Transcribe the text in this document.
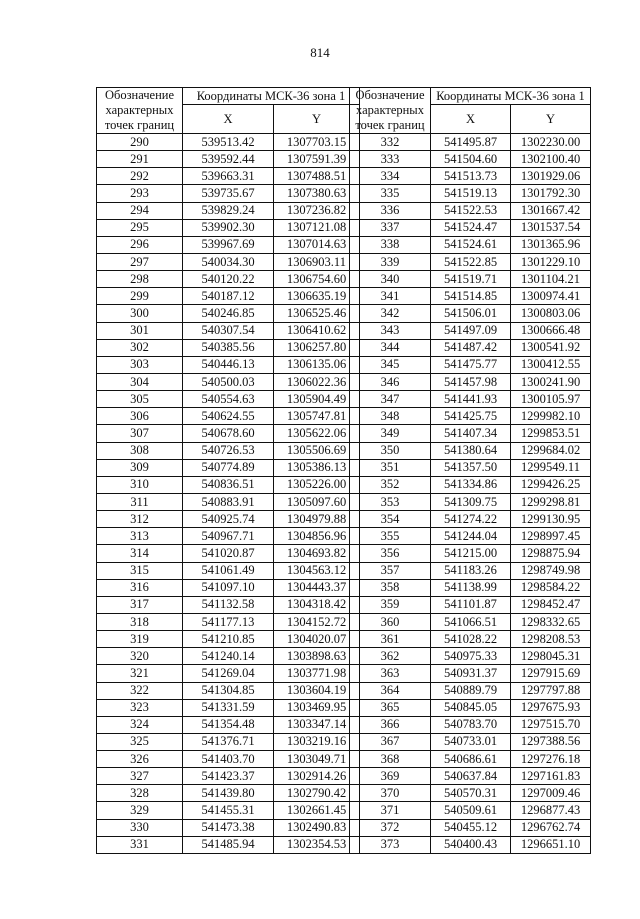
814
Обозначение характерных точек границ	Координаты МСК-36 зона 1	
	X	Y
290	539513.42	1307703.15
291	539592.44	1307591.39
292	539663.31	1307488.51
293	539735.67	1307380.63
294	539829.24	1307236.82
295	539902.30	1307121.08
296	539967.69	1307014.63
297	540034.30	1306903.11
298	540120.22	1306754.60
299	540187.12	1306635.19
300	540246.85	1306525.46
301	540307.54	1306410.62
302	540385.56	1306257.80
303	540446.13	1306135.06
304	540500.03	1306022.36
305	540554.63	1305904.49
306	540624.55	1305747.81
307	540678.60	1305622.06
308	540726.53	1305506.69
309	540774.89	1305386.13
310	540836.51	1305226.00
311	540883.91	1305097.60
312	540925.74	1304979.88
313	540967.71	1304856.96
314	541020.87	1304693.82
315	541061.49	1304563.12
316	541097.10	1304443.37
317	541132.58	1304318.42
318	541177.13	1304152.72
319	541210.85	1304020.07
320	541240.14	1303898.63
321	541269.04	1303771.98
322	541304.85	1303604.19
323	541331.59	1303469.95
324	541354.48	1303347.14
325	541376.71	1303219.16
326	541403.70	1303049.71
327	541423.37	1302914.26
328	541439.80	1302790.42
329	541455.31	1302661.45
330	541473.38	1302490.83
331	541485.94	1302354.53
Обозначение характерных точек границ	Координаты МСК-36 зона 1	
	X	Y
332	541495.87	1302230.00
333	541504.60	1302100.40
334	541513.73	1301929.06
335	541519.13	1301792.30
336	541522.53	1301667.42
337	541524.47	1301537.54
338	541524.61	1301365.96
339	541522.85	1301229.10
340	541519.71	1301104.21
341	541514.85	1300974.41
342	541506.01	1300803.06
343	541497.09	1300666.48
344	541487.42	1300541.92
345	541475.77	1300412.55
346	541457.98	1300241.90
347	541441.93	1300105.97
348	541425.75	1299982.10
349	541407.34	1299853.51
350	541380.64	1299684.02
351	541357.50	1299549.11
352	541334.86	1299426.25
353	541309.75	1299298.81
354	541274.22	1299130.95
355	541244.04	1298997.45
356	541215.00	1298875.94
357	541183.26	1298749.98
358	541138.99	1298584.22
359	541101.87	1298452.47
360	541066.51	1298332.65
361	541028.22	1298208.53
362	540975.33	1298045.31
363	540931.37	1297915.69
364	540889.79	1297797.88
365	540845.05	1297675.93
366	540783.70	1297515.70
367	540733.01	1297388.56
368	540686.61	1297276.18
369	540637.84	1297161.83
370	540570.31	1297009.46
371	540509.61	1296877.43
372	540455.12	1296762.74
373	540400.43	1296651.10
